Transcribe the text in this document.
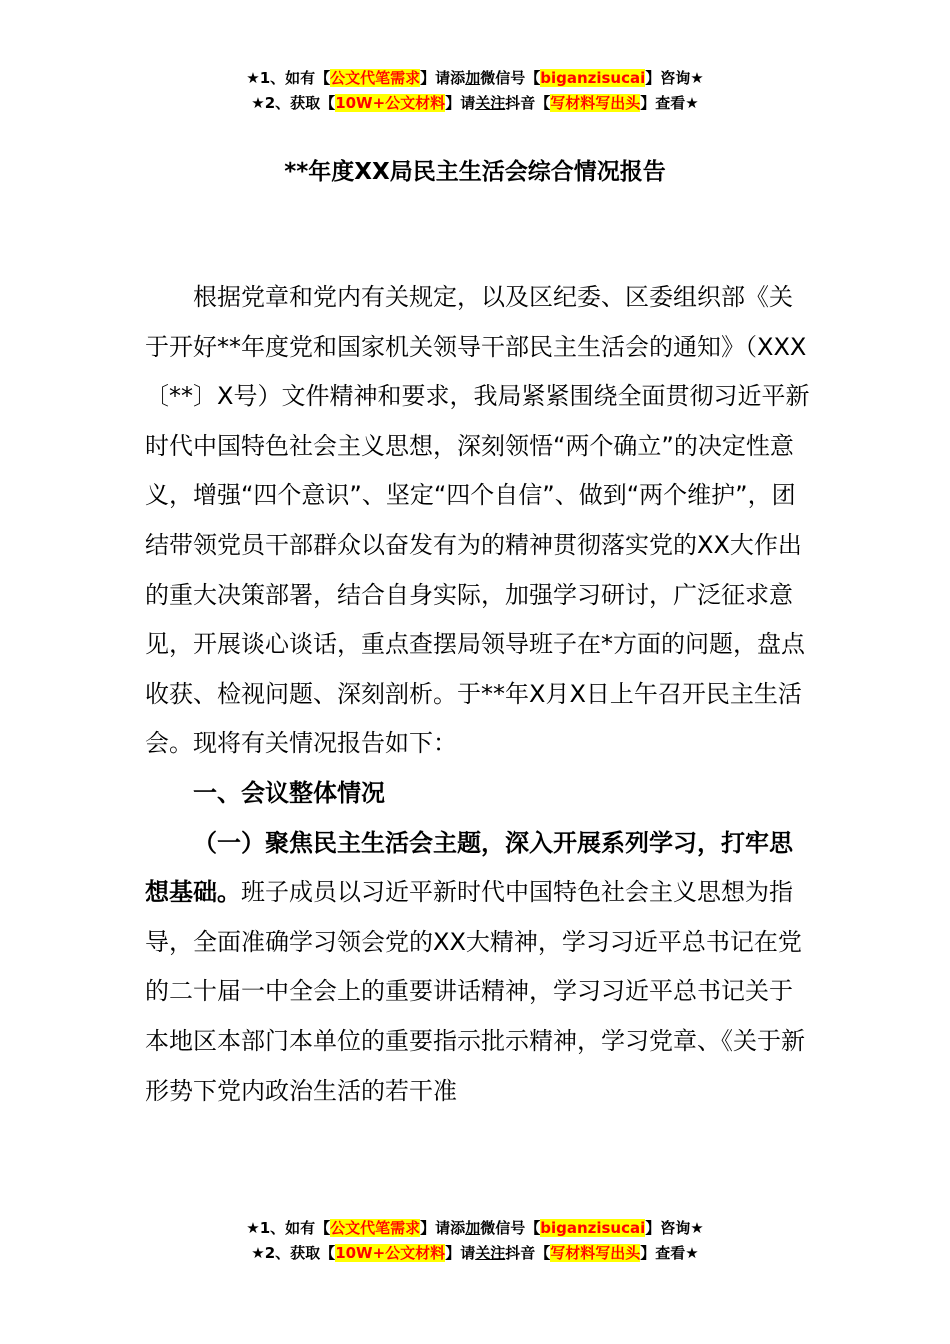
★1、如有【公文代笔需求】请添加微信号【biganzisucai】咨询★
★2、获取【10W+公文材料】请关注抖音【写材料写出头】查看★
**年度XX局民主生活会综合情况报告

根据党章和党内有关规定，以及区纪委、区委组织部《关于开好**年度党和国家机关领导干部民主生活会的通知》（XXX〔**〕X号）文件精神和要求，我局紧紧围绕全面贯彻习近平新时代中国特色社会主义思想，深刻领悟“两个确立”的决定性意义，增强“四个意识”、坚定“四个自信”、做到“两个维护”，团结带领党员干部群众以奋发有为的精神贯彻落实党的XX大作出的重大决策部署，结合自身实际，加强学习研讨，广泛征求意见，开展谈心谈话，重点查摆局领导班子在*方面的问题，盘点收获、检视问题、深刻剖析。于**年X月X日上午召开民主生活会。现将有关情况报告如下：

一、会议整体情况

（一）聚焦民主生活会主题，深入开展系列学习，打牢思想基础。班子成员以习近平新时代中国特色社会主义思想为指导，全面准确学习领会党的XX大精神，学习习近平总书记在党的二十届一中全会上的重要讲话精神，学习习近平总书记关于本地区本部门本单位的重要指示批示精神，学习党章、《关于新形势下党内政治生活的若干准

★1、如有【公文代笔需求】请添加微信号【biganzisucai】咨询★
★2、获取【10W+公文材料】请关注抖音【写材料写出头】查看★
